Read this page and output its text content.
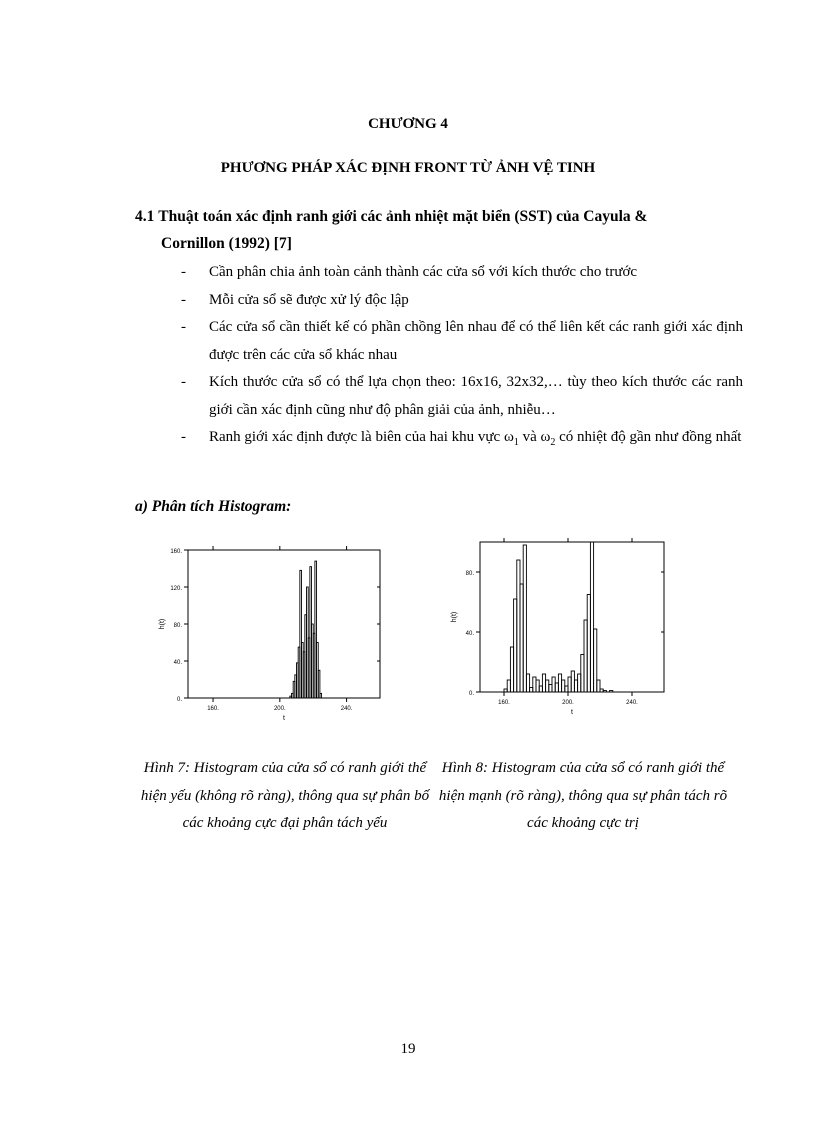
CHƯƠNG 4
PHƯƠNG PHÁP XÁC ĐỊNH FRONT TỪ ẢNH VỆ TINH
4.1 Thuật toán xác định ranh giới các ảnh nhiệt mặt biển (SST) của Cayula &
Cornillon (1992) [7]
- Cần phân chia ảnh toàn cảnh thành các cửa sổ với kích thước cho trước
- Mỗi cửa sổ sẽ được xử lý độc lập
- Các cửa sổ cần thiết kế có phần chồng lên nhau để có thể liên kết các ranh giới xác định được trên các cửa sổ khác nhau
- Kích thước cửa sổ có thể lựa chọn theo: 16x16, 32x32,… tùy theo kích thước các ranh giới cần xác định cũng như độ phân giải của ảnh, nhiễu…
- Ranh giới xác định được là biên của hai khu vực $\omega_1$ và $\omega_2$ có nhiệt độ gần như đồng nhất
a) Phân tích Histogram:
0.
40.
80.
120.
160.
160.	200.	240.
h(t)
t
0.
40.
80.
160.	200.	240.
h(t)
t
Hình 7: Histogram của cửa sổ có ranh giới thể hiện yếu (không rõ ràng), thông qua sự phân bố các khoảng cực đại phân tách yếu
Hình 8: Histogram của cửa sổ có ranh giới thể hiện mạnh (rõ ràng), thông qua sự phân tách rõ các khoảng cực trị
19
